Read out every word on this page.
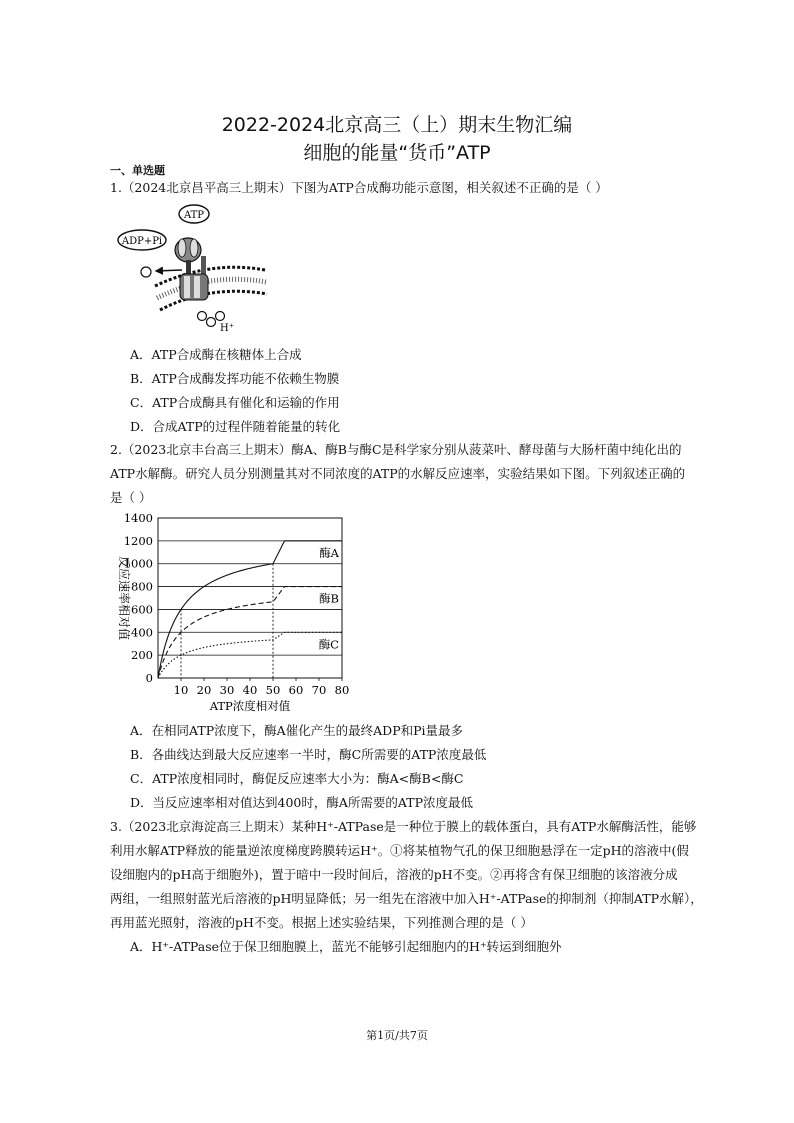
2022-2024北京高三（上）期末生物汇编
细胞的能量“货币”ATP
一、单选题
1.（2024北京昌平高三上期末）下图为ATP合成酶功能示意图，相关叙述不正确的是（ ）
ATP
ADP+Pi
H⁺
A．ATP合成酶在核糖体上合成
B．ATP合成酶发挥功能不依赖生物膜
C．ATP合成酶具有催化和运输的作用
D．合成ATP的过程伴随着能量的转化
2.（2023北京丰台高三上期末）酶A、酶B与酶C是科学家分别从菠菜叶、酵母菌与大肠杆菌中纯化出的
ATP水解酶。研究人员分别测量其对不同浓度的ATP的水解反应速率，实验结果如下图。下列叙述正确的
是（ ）
0
200
400
600
800
1000
1200
1400
10 20 30 40 50 60 70 80
酶A
酶B
酶C
ATP浓度相对值
反应速率相对值
A．在相同ATP浓度下，酶A催化产生的最终ADP和Pi量最多
B．各曲线达到最大反应速率一半时，酶C所需要的ATP浓度最低
C．ATP浓度相同时，酶促反应速率大小为：酶A<酶B<酶C
D．当反应速率相对值达到400时，酶A所需要的ATP浓度最低
3.（2023北京海淀高三上期末）某种H⁺-ATPase是一种位于膜上的载体蛋白，具有ATP水解酶活性，能够
利用水解ATP释放的能量逆浓度梯度跨膜转运H⁺。①将某植物气孔的保卫细胞悬浮在一定pH的溶液中(假
设细胞内的pH高于细胞外)，置于暗中一段时间后，溶液的pH不变。②再将含有保卫细胞的该溶液分成
两组，一组照射蓝光后溶液的pH明显降低；另一组先在溶液中加入H⁺-ATPase的抑制剂（抑制ATP水解），
再用蓝光照射，溶液的pH不变。根据上述实验结果，下列推测合理的是（ ）
A．H⁺-ATPase位于保卫细胞膜上，蓝光不能够引起细胞内的H⁺转运到细胞外
第1页/共7页
